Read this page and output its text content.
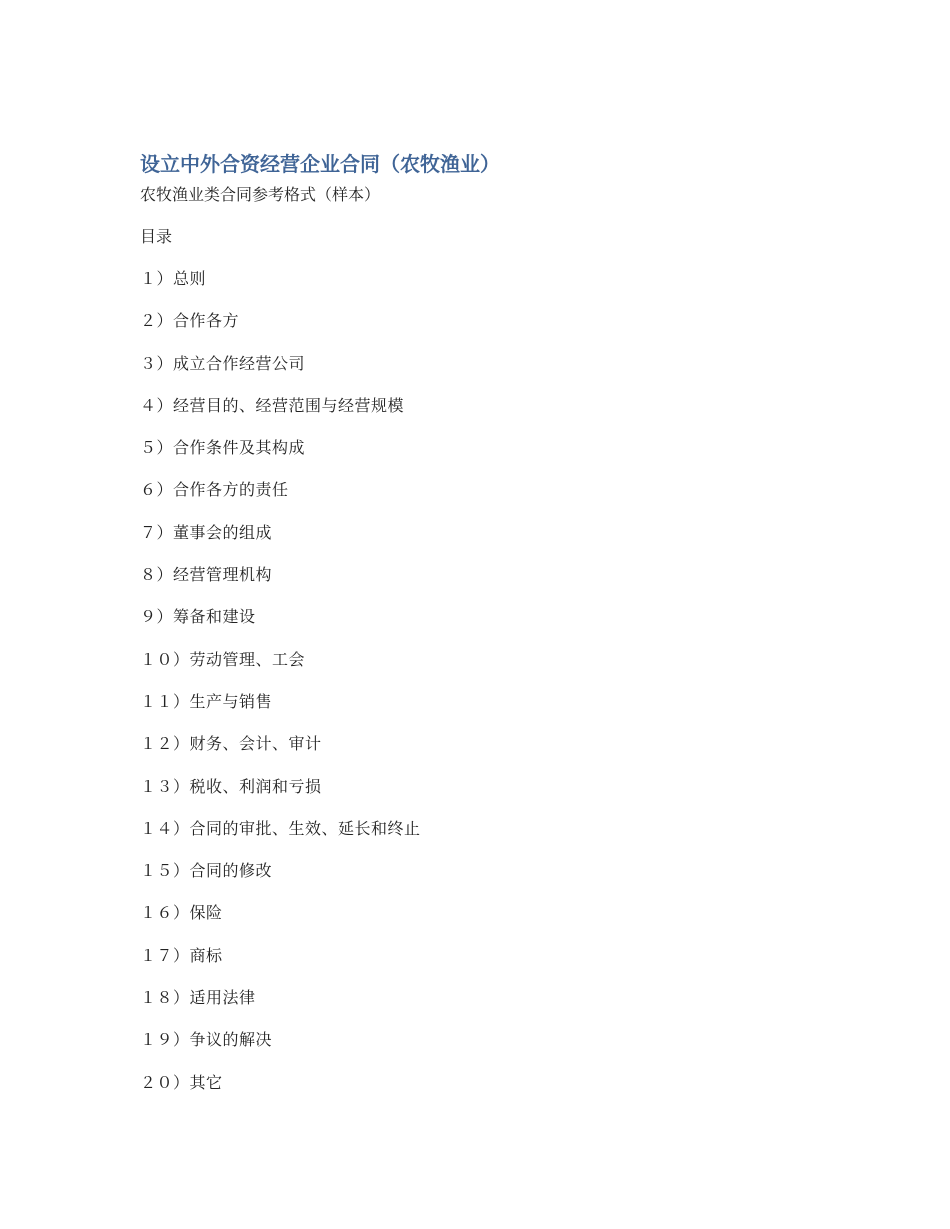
设立中外合资经营企业合同（农牧渔业）

农牧渔业类合同参考格式（样本）

目录

１）总则
２）合作各方
３）成立合作经营公司
４）经营目的、经营范围与经营规模
５）合作条件及其构成
６）合作各方的责任
７）董事会的组成
８）经营管理机构
９）筹备和建设
１０）劳动管理、工会
１１）生产与销售
１２）财务、会计、审计
１３）税收、利润和亏损
１４）合同的审批、生效、延长和终止
１５）合同的修改
１６）保险
１７）商标
１８）适用法律
１９）争议的解决
２０）其它
